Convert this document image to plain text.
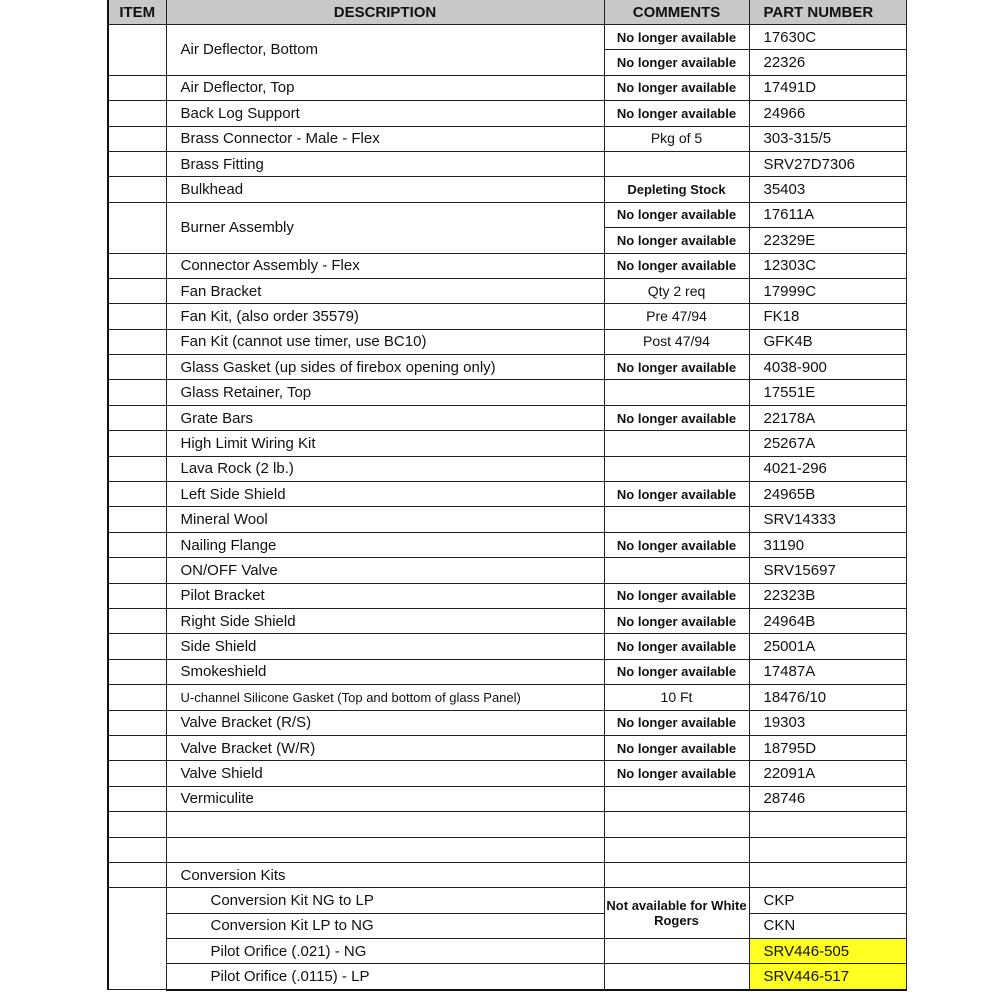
ITEM	DESCRIPTION	COMMENTS	PART NUMBER
	Air Deflector, Bottom	No longer available	17630C
		No longer available	22326
	Air Deflector, Top	No longer available	17491D
	Back Log Support	No longer available	24966
	Brass Connector - Male - Flex	Pkg of 5	303-315/5
	Brass Fitting		SRV27D7306
	Bulkhead	Depleting Stock	35403
	Burner Assembly	No longer available	17611A
		No longer available	22329E
	Connector Assembly - Flex	No longer available	12303C
	Fan Bracket	Qty 2 req	17999C
	Fan Kit, (also order 35579)	Pre 47/94	FK18
	Fan Kit (cannot use timer, use BC10)	Post 47/94	GFK4B
	Glass Gasket (up sides of firebox opening only)	No longer available	4038-900
	Glass Retainer, Top		17551E
	Grate Bars	No longer available	22178A
	High Limit Wiring Kit		25267A
	Lava Rock (2 lb.)		4021-296
	Left Side Shield	No longer available	24965B
	Mineral Wool		SRV14333
	Nailing Flange	No longer available	31190
	ON/OFF Valve		SRV15697
	Pilot Bracket	No longer available	22323B
	Right Side Shield	No longer available	24964B
	Side Shield	No longer available	25001A
	Smokeshield	No longer available	17487A
	U-channel Silicone Gasket (Top and bottom of glass Panel)	10 Ft	18476/10
	Valve Bracket (R/S)	No longer available	19303
	Valve Bracket (W/R)	No longer available	18795D
	Valve Shield	No longer available	22091A
	Vermiculite		28746

	Conversion Kits		
	Conversion Kit NG to LP	Not available for White Rogers	CKP
	Conversion Kit LP to NG		CKN
	Pilot Orifice (.021) - NG		SRV446-505
	Pilot Orifice (.0115) - LP		SRV446-517
